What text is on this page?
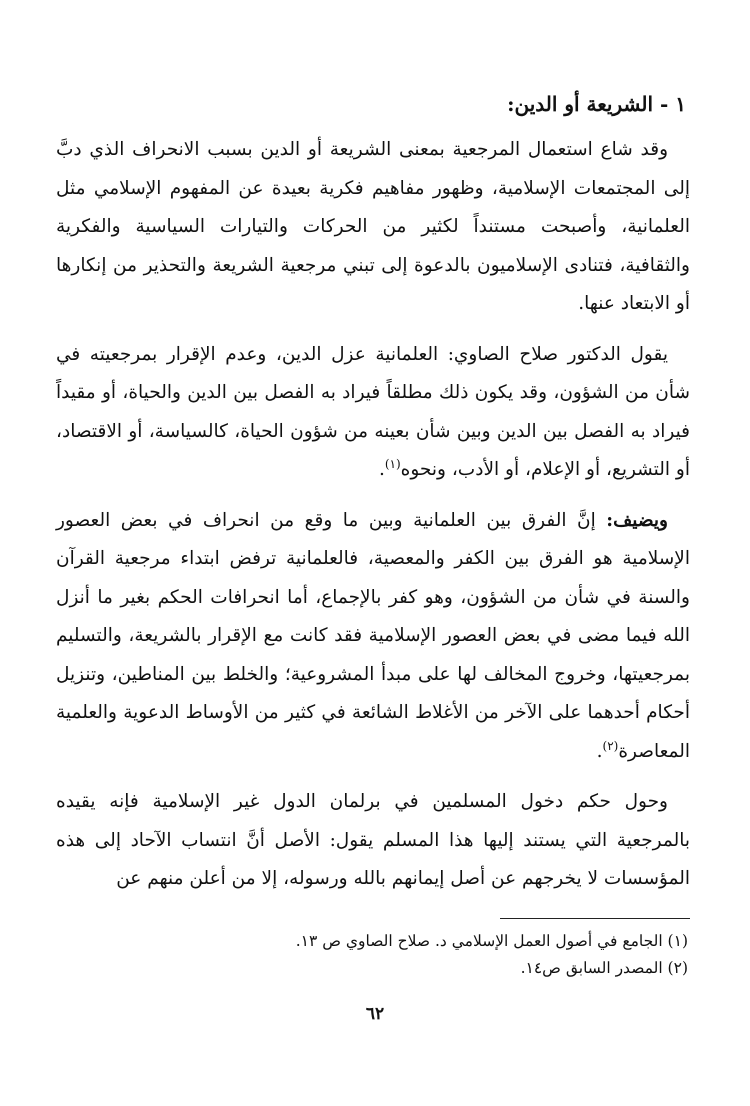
١ - الشريعة أو الدين:

وقد شاع استعمال المرجعية بمعنى الشريعة أو الدين بسبب الانحراف الذي دبَّ إلى المجتمعات الإسلامية، وظهور مفاهيم فكرية بعيدة عن المفهوم الإسلامي مثل العلمانية، وأصبحت مستنداً لكثير من الحركات والتيارات السياسية والفكرية والثقافية، فتنادى الإسلاميون بالدعوة إلى تبني مرجعية الشريعة والتحذير من إنكارها أو الابتعاد عنها.

يقول الدكتور صلاح الصاوي: العلمانية عزل الدين، وعدم الإقرار بمرجعيته في شأن من الشؤون، وقد يكون ذلك مطلقاً فيراد به الفصل بين الدين والحياة، أو مقيداً فيراد به الفصل بين الدين وبين شأن بعينه من شؤون الحياة، كالسياسة، أو الاقتصاد، أو التشريع، أو الإعلام، أو الأدب، ونحوه$^{(١)}$.

ويضيف: إنَّ الفرق بين العلمانية وبين ما وقع من انحراف في بعض العصور الإسلامية هو الفرق بين الكفر والمعصية، فالعلمانية ترفض ابتداء مرجعية القرآن والسنة في شأن من الشؤون، وهو كفر بالإجماع، أما انحرافات الحكم بغير ما أنزل الله فيما مضى في بعض العصور الإسلامية فقد كانت مع الإقرار بالشريعة، والتسليم بمرجعيتها، وخروج المخالف لها على مبدأ المشروعية؛ والخلط بين المناطين، وتنزيل أحكام أحدهما على الآخر من الأغلاط الشائعة في كثير من الأوساط الدعوية والعلمية المعاصرة$^{(٢)}$.

وحول حكم دخول المسلمين في برلمان الدول غير الإسلامية فإنه يقيده بالمرجعية التي يستند إليها هذا المسلم يقول: الأصل أنَّ انتساب الآحاد إلى هذه المؤسسات لا يخرجهم عن أصل إيمانهم بالله ورسوله، إلا من أعلن منهم عن

(١) الجامع في أصول العمل الإسلامي د. صلاح الصاوي ص ١٣.

(٢) المصدر السابق ص١٤.

٦٢
